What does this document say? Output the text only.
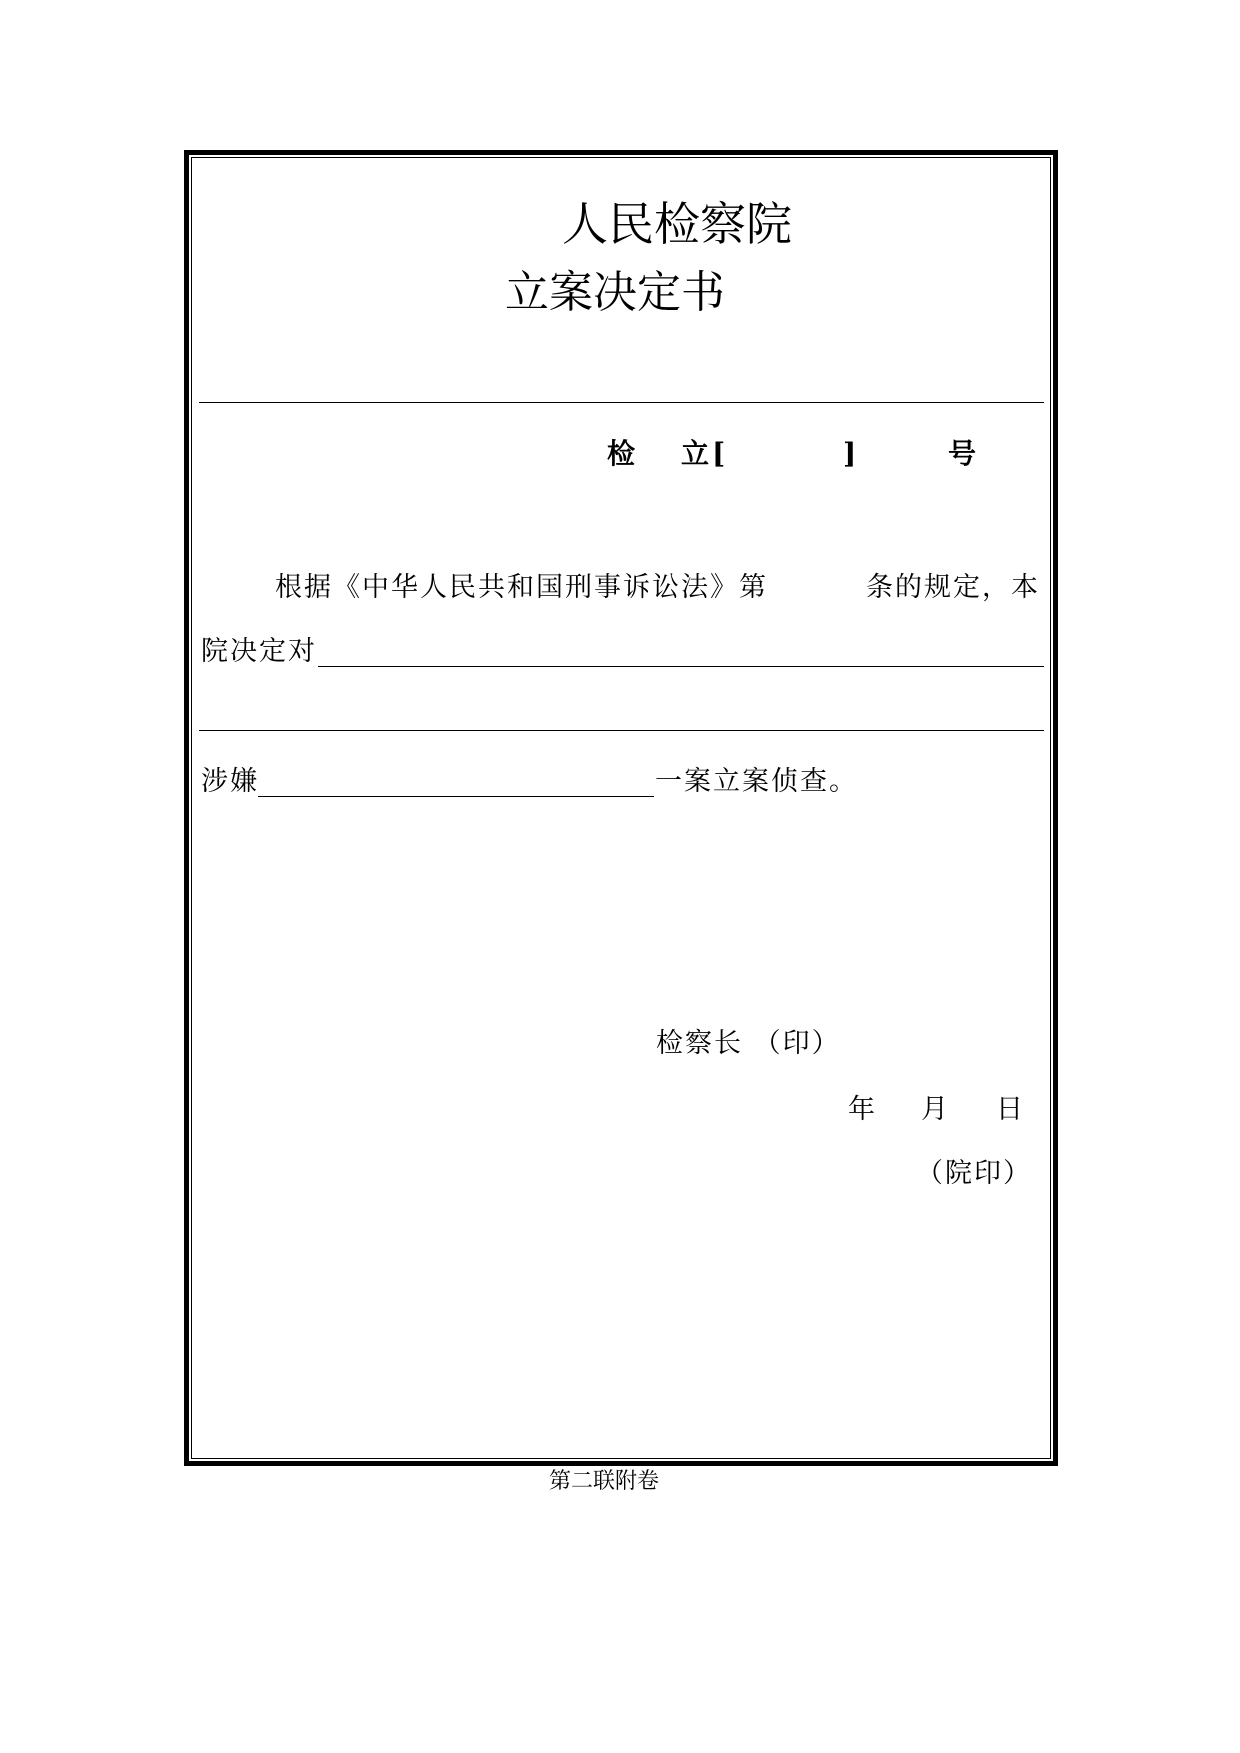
人民检察院
立案决定书
检 立 [	]	号
根据《中华人民共和国刑事诉讼法》第	条的规定，本
院决定对
涉嫌	一案立案侦查。
检察长 （印）
年 月 日
（院印）
第二联附卷
